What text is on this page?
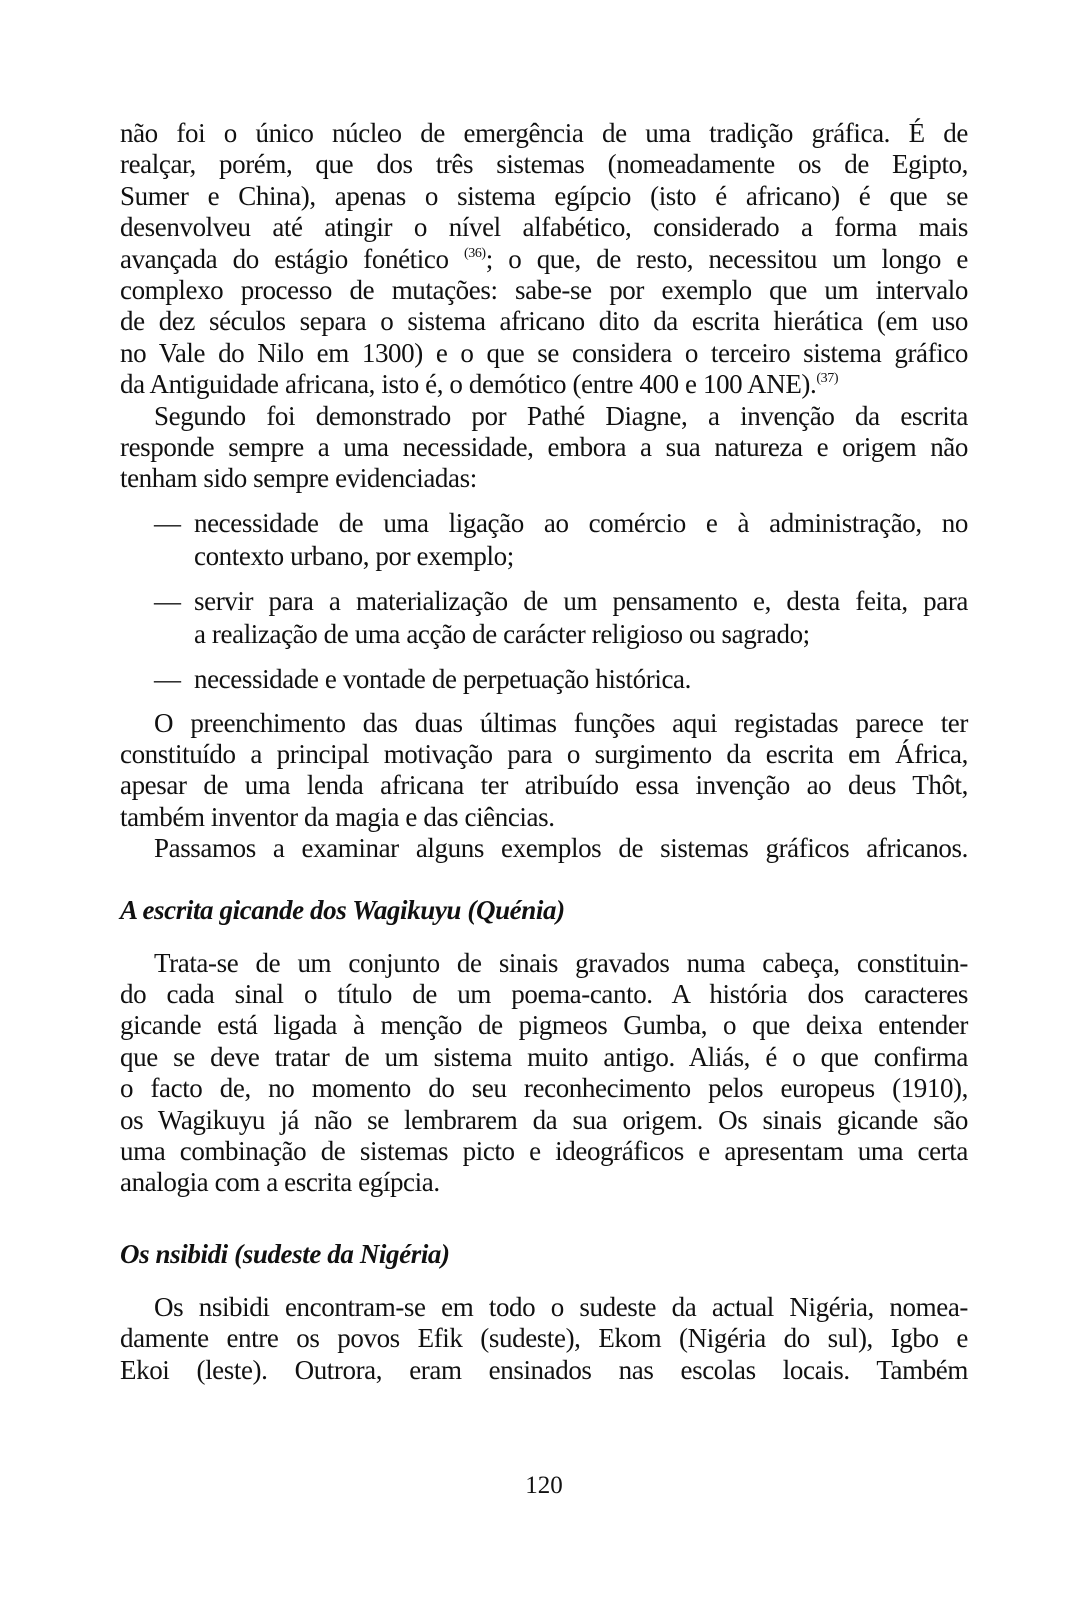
não foi o único núcleo de emergência de uma tradição gráfica. É de
realçar, porém, que dos três sistemas (nomeadamente os de Egipto,
Sumer e China), apenas o sistema egípcio (isto é africano) é que se
desenvolveu até atingir o nível alfabético, considerado a forma mais
avançada do estágio fonético $^{(36)}$; o que, de resto, necessitou um longo e
complexo processo de mutações: sabe-se por exemplo que um intervalo
de dez séculos separa o sistema africano dito da escrita hierática (em uso
no Vale do Nilo em 1300) e o que se considera o terceiro sistema gráfico
da Antiguidade africana, isto é, o demótico (entre 400 e 100 ANE).$^{(37)}$
Segundo foi demonstrado por Pathé Diagne, a invenção da escrita
responde sempre a uma necessidade, embora a sua natureza e origem não
tenham sido sempre evidenciadas:
— necessidade de uma ligação ao comércio e à administração, no
contexto urbano, por exemplo;
— servir para a materialização de um pensamento e, desta feita, para
a realização de uma acção de carácter religioso ou sagrado;
— necessidade e vontade de perpetuação histórica.
O preenchimento das duas últimas funções aqui registadas parece ter
constituído a principal motivação para o surgimento da escrita em África,
apesar de uma lenda africana ter atribuído essa invenção ao deus Thôt,
também inventor da magia e das ciências.
Passamos a examinar alguns exemplos de sistemas gráficos africanos.
A escrita gicande dos Wagikuyu (Quénia)
Trata-se de um conjunto de sinais gravados numa cabeça, constituin-
do cada sinal o título de um poema-canto. A história dos caracteres
gicande está ligada à menção de pigmeos Gumba, o que deixa entender
que se deve tratar de um sistema muito antigo. Aliás, é o que confirma
o facto de, no momento do seu reconhecimento pelos europeus (1910),
os Wagikuyu já não se lembrarem da sua origem. Os sinais gicande são
uma combinação de sistemas picto e ideográficos e apresentam uma certa
analogia com a escrita egípcia.
Os nsibidi (sudeste da Nigéria)
Os nsibidi encontram-se em todo o sudeste da actual Nigéria, nomea-
damente entre os povos Efik (sudeste), Ekom (Nigéria do sul), Igbo e
Ekoi (leste). Outrora, eram ensinados nas escolas locais. Também
120
